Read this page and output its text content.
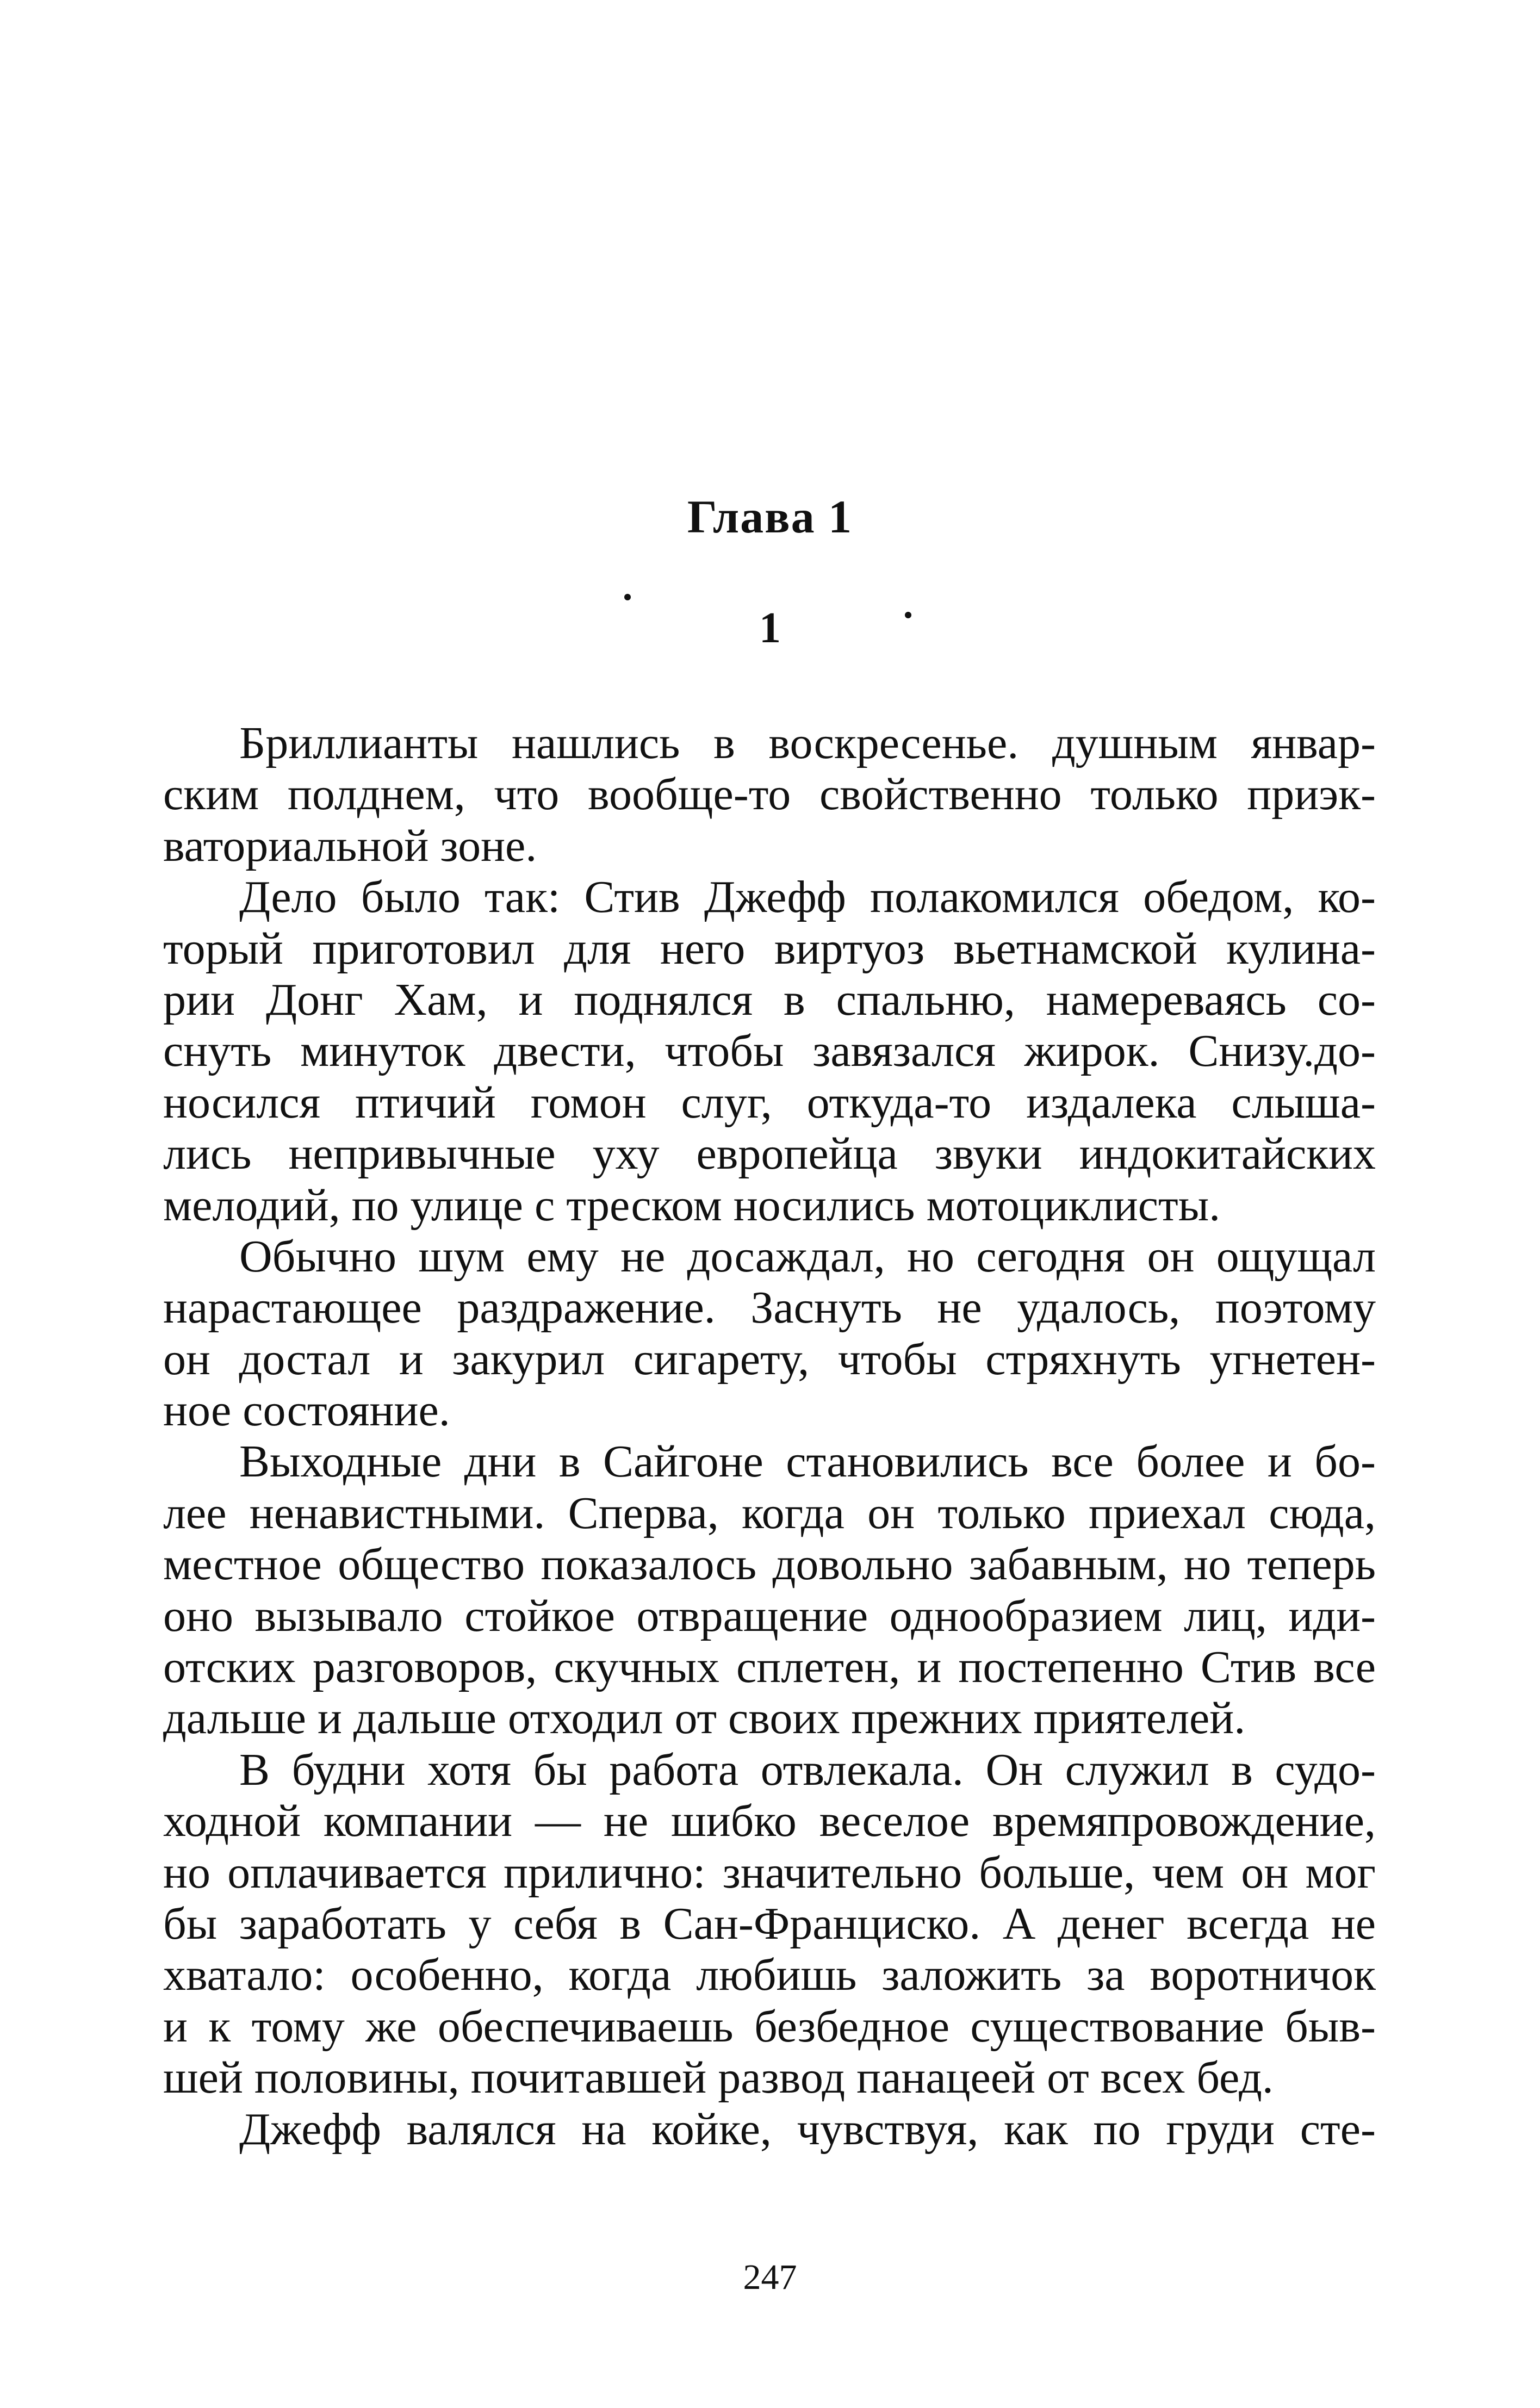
Глава 1
1
Бриллианты нашлись в воскресенье. душным январ-
ским полднем, что вообще-то свойственно только приэк-
ваториальной зоне.
Дело было так: Стив Джефф полакомился обедом, ко-
торый приготовил для него виртуоз вьетнамской кулина-
рии Донг Хам, и поднялся в спальню, намереваясь со-
снуть минуток двести, чтобы завязался жирок. Снизу.до-
носился птичий гомон слуг, откуда-то издалека слыша-
лись непривычные уху европейца звуки индокитайских
мелодий, по улице с треском носились мотоциклисты.
Обычно шум ему не досаждал, но сегодня он ощущал
нарастающее раздражение. Заснуть не удалось, поэтому
он достал и закурил сигарету, чтобы стряхнуть угнетен-
ное состояние.
Выходные дни в Сайгоне становились все более и бо-
лее ненавистными. Сперва, когда он только приехал сюда,
местное общество показалось довольно забавным, но теперь
оно вызывало стойкое отвращение однообразием лиц, иди-
отских разговоров, скучных сплетен, и постепенно Стив все
дальше и дальше отходил от своих прежних приятелей.
В будни хотя бы работа отвлекала. Он служил в судо-
ходной компании — не шибко веселое времяпровождение,
но оплачивается прилично: значительно больше, чем он мог
бы заработать у себя в Сан-Франциско. А денег всегда не
хватало: особенно, когда любишь заложить за воротничок
и к тому же обеспечиваешь безбедное существование быв-
шей половины, почитавшей развод панацеей от всех бед.
Джефф валялся на койке, чувствуя, как по груди сте-
247
